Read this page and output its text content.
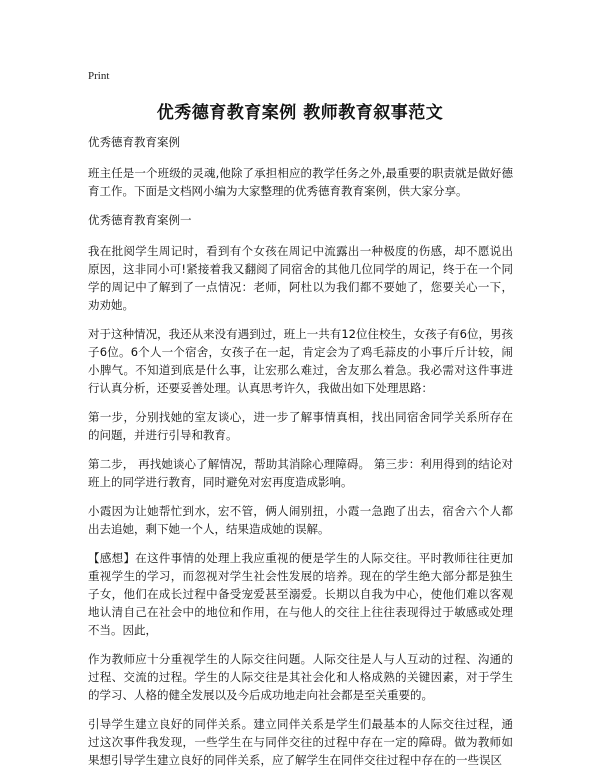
Print
优秀德育教育案例 教师教育叙事范文

优秀德育教育案例

班主任是一个班级的灵魂,他除了承担相应的教学任务之外,最重要的职责就是做好德育工作。下面是文档网小编为大家整理的优秀德育教育案例，供大家分享。

优秀德育教育案例一

我在批阅学生周记时，看到有个女孩在周记中流露出一种极度的伤感，却不愿说出原因，这非同小可!紧接着我又翻阅了同宿舍的其他几位同学的周记，终于在一个同学的周记中了解到了一点情况：老师，阿杜以为我们都不要她了，您要关心一下，劝劝她。

对于这种情况，我还从来没有遇到过，班上一共有12位住校生，女孩子有6位，男孩子6位。6个人一个宿舍，女孩子在一起，肯定会为了鸡毛蒜皮的小事斤斤计较，闹小脾气。不知道到底是什么事，让宏那么难过，舍友那么着急。我必需对这件事进行认真分析，还要妥善处理。认真思考许久，我做出如下处理思路：

第一步，分别找她的室友谈心，进一步了解事情真相，找出同宿舍同学关系所存在的问题，并进行引导和教育。

第二步， 再找她谈心了解情况，帮助其消除心理障碍。 第三步：利用得到的结论对班上的同学进行教育，同时避免对宏再度造成影响。

小霞因为让她帮忙到水，宏不管，俩人闹别扭，小霞一急跑了出去，宿舍六个人都出去追她，剩下她一个人，结果造成她的误解。

【感想】在这件事情的处理上我应重视的便是学生的人际交往。平时教师往往更加重视学生的学习，而忽视对学生社会性发展的培养。现在的学生绝大部分都是独生子女，他们在成长过程中备受宠爱甚至溺爱。长期以自我为中心，使他们难以客观地认清自己在社会中的地位和作用，在与他人的交往上往往表现得过于敏感或处理不当。因此，

作为教师应十分重视学生的人际交往问题。人际交往是人与人互动的过程、沟通的过程、交流的过程。学生的人际交往是其社会化和人格成熟的关键因素，对于学生的学习、人格的健全发展以及今后成功地走向社会都是至关重要的。

引导学生建立良好的同伴关系。建立同伴关系是学生们最基本的人际交往过程，通过这次事件我发现，一些学生在与同伴交往的过程中存在一定的障碍。做为教师如果想引导学生建立良好的同伴关系，应了解学生在同伴交往过程中存在的一些误区
